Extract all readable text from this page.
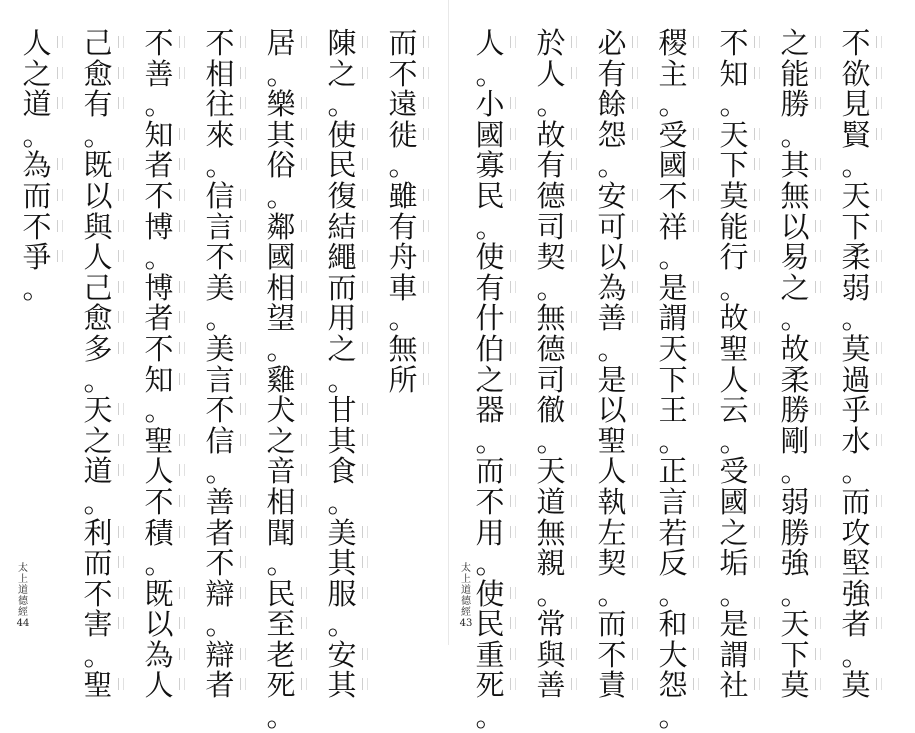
不
欲
見
賢
。
天
下
柔
弱
。
莫
過
乎
水
。
而
攻
堅
強
者
。
莫
之
能
勝
。
其
無
以
易
之
。
故
柔
勝
剛
。
弱
勝
強
。
天
下
莫
不
知
。
天
下
莫
能
行
。
故
聖
人
云
。
受
國
之
垢
。
是
謂
社
稷
主
。
受
國
不
祥
。
是
謂
天
下
王
。
正
言
若
反
。
和
大
怨
。
必
有
餘
怨
。
安
可
以
為
善
。
是
以
聖
人
執
左
契
。
而
不
責
於
人
。
故
有
德
司
契
。
無
德
司
徹
。
天
道
無
親
。
常
與
善
人
。
小
國
寡
民
。
使
有
什
伯
之
器
。
而
不
用
。
使
民
重
死
。
而
不
遠
徙
。
雖
有
舟
車
。
無
所
陳
之
。
使
民
復
結
繩
而
用
之
。
甘
其
食
。
美
其
服
。
安
其
居
。
樂
其
俗
。
鄰
國
相
望
。
雞
犬
之
音
相
聞
。
民
至
老
死
。
不
相
往
來
。
信
言
不
美
。
美
言
不
信
。
善
者
不
辯
。
辯
者
不
善
。
知
者
不
博
。
博
者
不
知
。
聖
人
不
積
。
既
以
為
人
己
愈
有
。
既
以
與
人
己
愈
多
。
天
之
道
。
利
而
不
害
。
聖
人
之
道
。
為
而
不
爭
。
太
上
道
德
經
44
太
上
道
德
經
43
